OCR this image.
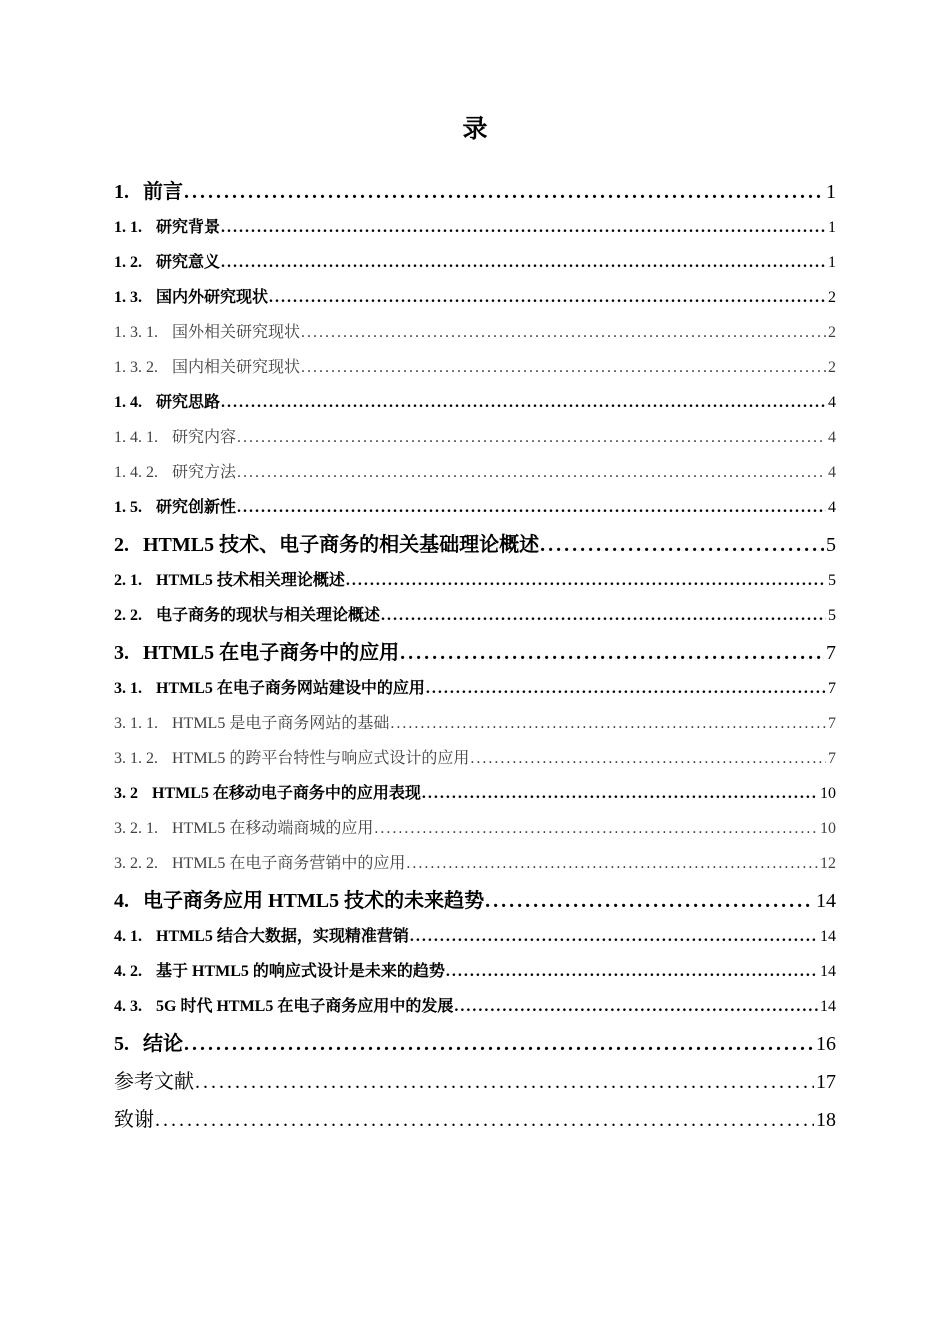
录
1. 前言 .....	1
1. 1. 研究背景 .....	1
1. 2. 研究意义 .....	1
1. 3. 国内外研究现状 .....	2
1. 3. 1. 国外相关研究现状 .....	2
1. 3. 2. 国内相关研究现状 .....	2
1. 4. 研究思路 .....	4
1. 4. 1. 研究内容 .....	4
1. 4. 2. 研究方法 .....	4
1. 5. 研究创新性 .....	4
2. HTML5 技术、电子商务的相关基础理论概述 .....	5
2. 1. HTML5 技术相关理论概述 .....	5
2. 2. 电子商务的现状与相关理论概述 .....	5
3. HTML5 在电子商务中的应用 .....	7
3. 1. HTML5 在电子商务网站建设中的应用 .....	7
3. 1. 1. HTML5 是电子商务网站的基础 .....	7
3. 1. 2. HTML5 的跨平台特性与响应式设计的应用 .....	7
3. 2 HTML5 在移动电子商务中的应用表现 .....	10
3. 2. 1. HTML5 在移动端商城的应用 .....	10
3. 2. 2. HTML5 在电子商务营销中的应用 .....	12
4. 电子商务应用 HTML5 技术的未来趋势 .....	14
4. 1. HTML5 结合大数据，实现精准营销 .....	14
4. 2. 基于 HTML5 的响应式设计是未来的趋势 .....	14
4. 3. 5G 时代 HTML5 在电子商务应用中的发展 .....	14
5. 结论 .....	16
参考文献 .....	17
致谢 .....	18
